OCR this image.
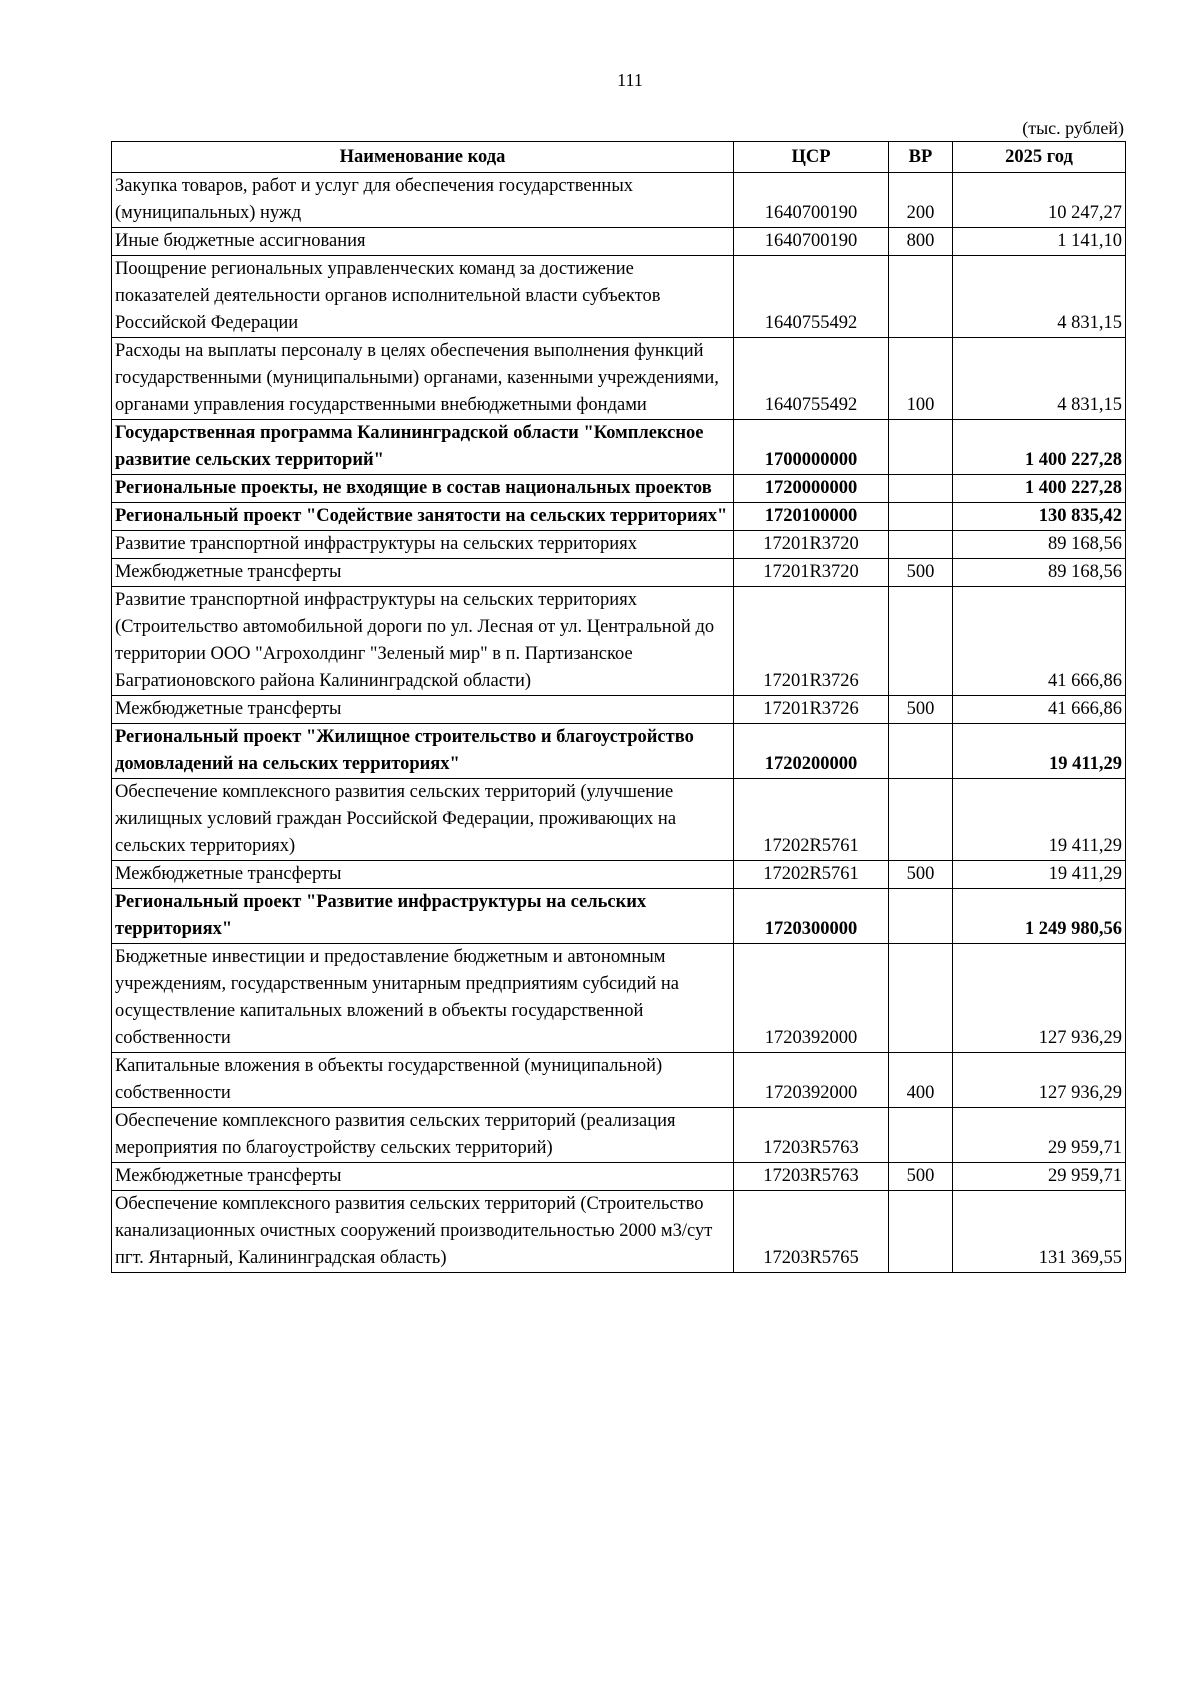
111
(тыс. рублей)
Наименование кода	ЦСР	ВР	2025 год
Закупка товаров, работ и услуг для обеспечения государственных (муниципальных) нужд	1640700190	200	10 247,27
Иные бюджетные ассигнования	1640700190	800	1 141,10
Поощрение региональных управленческих команд за достижение показателей деятельности органов исполнительной власти субъектов Российской Федерации	1640755492		4 831,15
Расходы на выплаты персоналу в целях обеспечения выполнения функций государственными (муниципальными) органами, казенными учреждениями, органами управления государственными внебюджетными фондами	1640755492	100	4 831,15
Государственная программа Калининградской области "Комплексное развитие сельских территорий"	1700000000		1 400 227,28
Региональные проекты, не входящие в состав национальных проектов	1720000000		1 400 227,28
Региональный проект "Содействие занятости на сельских территориях"	1720100000		130 835,42
Развитие транспортной инфраструктуры на сельских территориях	17201R3720		89 168,56
Межбюджетные трансферты	17201R3720	500	89 168,56
Развитие транспортной инфраструктуры на сельских территориях (Строительство автомобильной дороги по ул. Лесная от ул. Центральной до территории ООО "Агрохолдинг "Зеленый мир" в п. Партизанское Багратионовского района Калининградской области)	17201R3726		41 666,86
Межбюджетные трансферты	17201R3726	500	41 666,86
Региональный проект "Жилищное строительство и благоустройство домовладений на сельских территориях"	1720200000		19 411,29
Обеспечение комплексного развития сельских территорий (улучшение жилищных условий граждан Российской Федерации, проживающих на сельских территориях)	17202R5761		19 411,29
Межбюджетные трансферты	17202R5761	500	19 411,29
Региональный проект "Развитие инфраструктуры на сельских территориях"	1720300000		1 249 980,56
Бюджетные инвестиции и предоставление бюджетным и автономным учреждениям, государственным унитарным предприятиям субсидий на осуществление капитальных вложений в объекты государственной собственности	1720392000		127 936,29
Капитальные вложения в объекты государственной (муниципальной) собственности	1720392000	400	127 936,29
Обеспечение комплексного развития сельских территорий (реализация мероприятия по благоустройству сельских территорий)	17203R5763		29 959,71
Межбюджетные трансферты	17203R5763	500	29 959,71
Обеспечение комплексного развития сельских территорий (Строительство канализационных очистных сооружений производительностью 2000 м3/сут пгт. Янтарный, Калининградская область)	17203R5765		131 369,55
